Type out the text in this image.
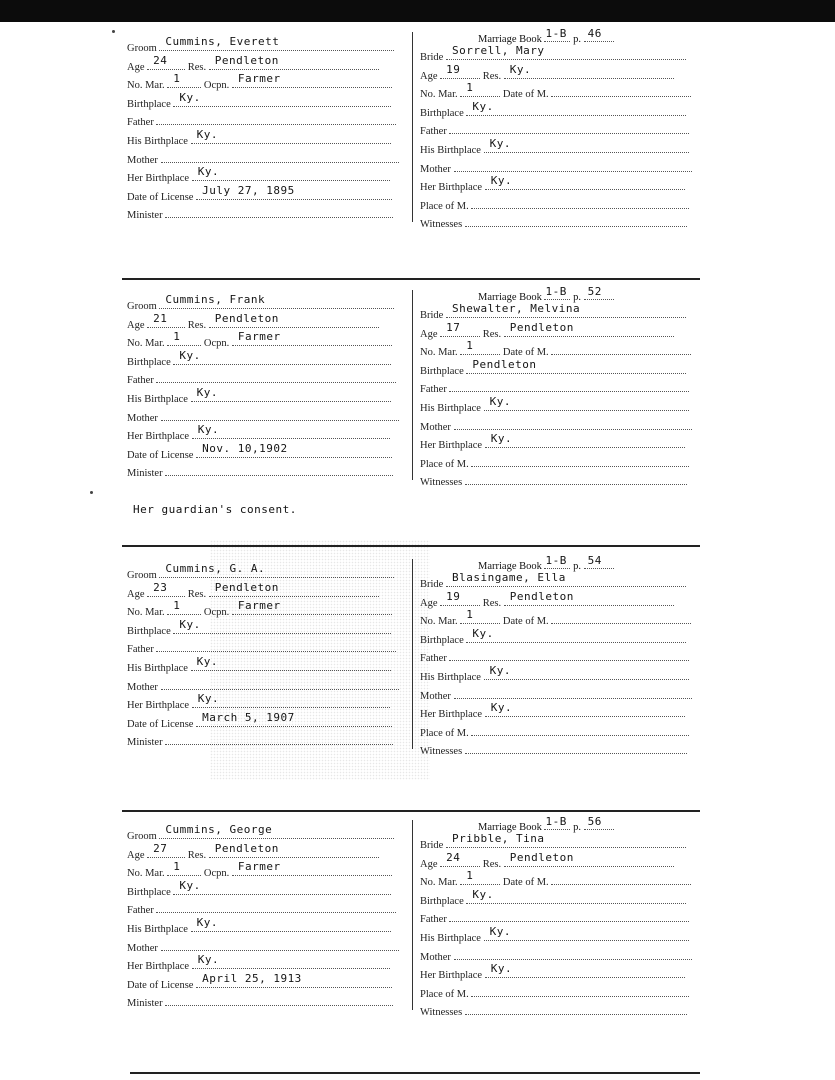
Groom
Cummins, Everett
Age
24
Res.
Pendleton
No. Mar.
1
Ocpn.
Farmer
Birthplace
Ky.
Father
His Birthplace
Ky.
Mother
Her Birthplace
Ky.
Date of License
July 27, 1895
Minister
Marriage Book 1-B p. 46
Bride
Sorrell, Mary
Age
19
Res.
Ky.
No. Mar.
1
Date of M.
Birthplace
Ky.
Father
His Birthplace
Ky.
Mother
Her Birthplace
Ky.
Place of M.
Witnesses
Groom
Cummins, Frank
Age
21
Res.
Pendleton
No. Mar.
1
Ocpn.
Farmer
Birthplace
Ky.
Father
His Birthplace
Ky.
Mother
Her Birthplace
Ky.
Date of License
Nov. 10,1902
Minister
Marriage Book 1-B p. 52
Bride
Shewalter, Melvina
Age
17
Res.
Pendleton
No. Mar.
1
Date of M.
Birthplace
Pendleton
Father
His Birthplace
Ky.
Mother
Her Birthplace
Ky.
Place of M.
Witnesses
Her guardian's consent.
Groom
Cummins, G. A.
Age
23
Res.
Pendleton
No. Mar.
1
Ocpn.
Farmer
Birthplace
Ky.
Father
His Birthplace
Ky.
Mother
Her Birthplace
Ky.
Date of License
March 5, 1907
Minister
Marriage Book 1-B p. 54
Bride
Blasingame, Ella
Age
19
Res.
Pendleton
No. Mar.
1
Date of M.
Birthplace
Ky.
Father
His Birthplace
Ky.
Mother
Her Birthplace
Ky.
Place of M.
Witnesses
Groom
Cummins, George
Age
27
Res.
Pendleton
No. Mar.
1
Ocpn.
Farmer
Birthplace
Ky.
Father
His Birthplace
Ky.
Mother
Her Birthplace
Ky.
Date of License
April 25, 1913
Minister
Marriage Book 1-B p. 56
Bride
Pribble, Tina
Age
24
Res.
Pendleton
No. Mar.
1
Date of M.
Birthplace
Ky.
Father
His Birthplace
Ky.
Mother
Her Birthplace
Ky.
Place of M.
Witnesses
